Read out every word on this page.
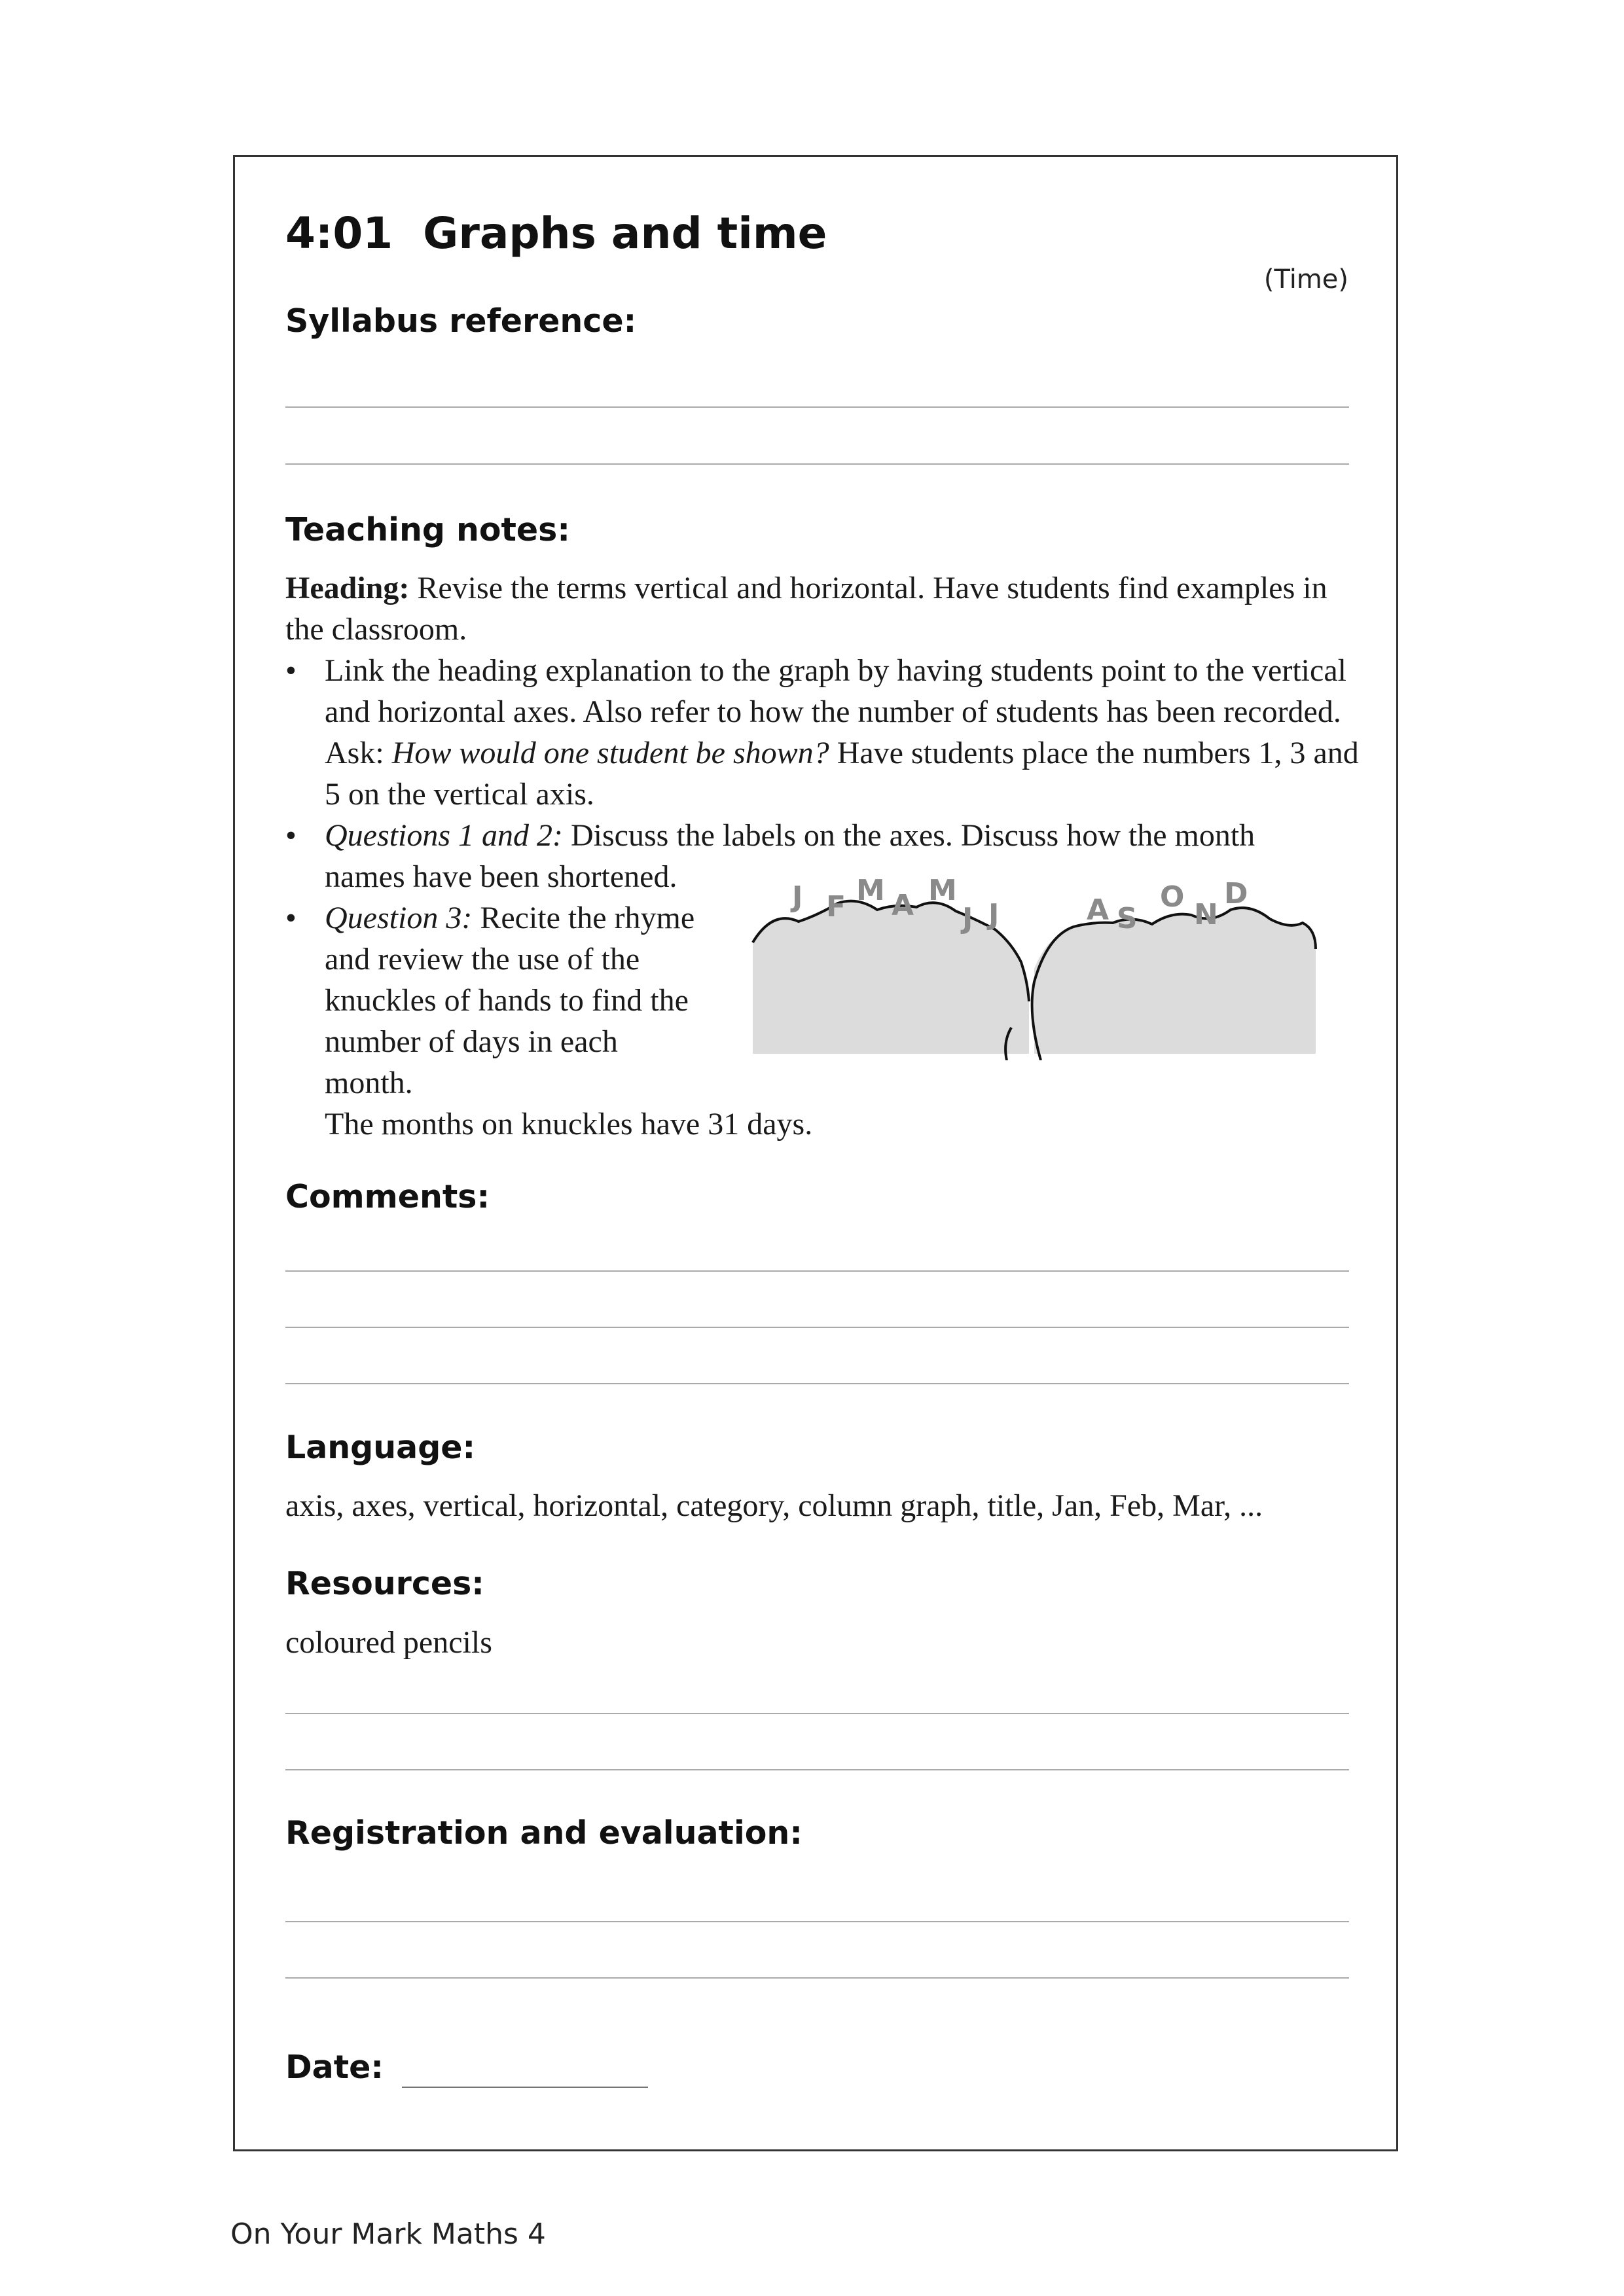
4:01 Graphs and time
(Time)
Syllabus reference:
Teaching notes:

Heading: Revise the terms vertical and horizontal. Have students find examples in the classroom.

• Link the heading explanation to the graph by having students point to the vertical and horizontal axes. Also refer to how the number of students has been recorded. Ask: How would one student be shown? Have students place the numbers 1, 3 and 5 on the vertical axis.
• Questions 1 and 2: Discuss the labels on the axes. Discuss how the month names have been shortened.
• Question 3: Recite the rhyme and review the use of the knuckles of hands to find the number of days in each month.
The months on knuckles have 31 days.
J F M A M
J J	A S
O
N
D
Comments:
Language:

axis, axes, vertical, horizontal, category, column graph, title, Jan, Feb, Mar, ...

Resources:

coloured pencils

Registration and evaluation:
Date:
On Your Mark Maths 4
